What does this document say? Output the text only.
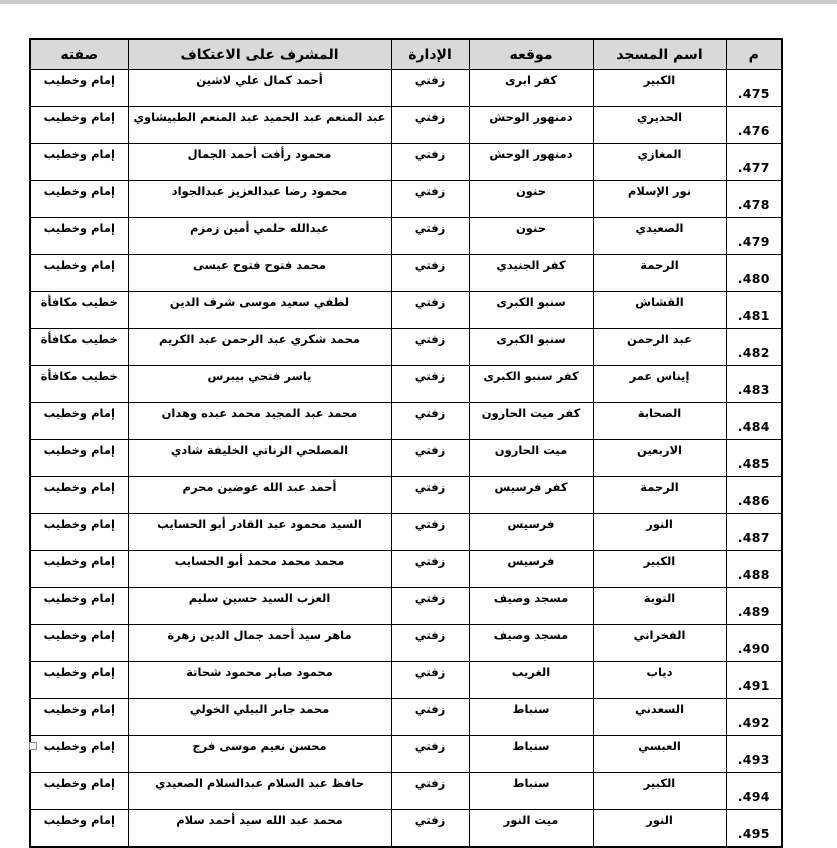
م	اسم المسجد	موقعه	الإدارة	المشرف على الاعتكاف	صفته
.475	الكبير	كفر ابرى	زفتي	أحمد كمال علي لاشين	إمام وخطيب
.476	الحديري	دمنهور الوحش	زفتي	عبد المنعم عبد الحميد عبد المنعم الطبيشاوي	إمام وخطيب
.477	المغازي	دمنهور الوحش	زفتي	محمود رأفت أحمد الجمال	إمام وخطيب
.478	نور الإسلام	حنون	زفتي	محمود رضا عبدالعزيز عبدالجواد	إمام وخطيب
.479	الصعيدي	حنون	زفتي	عبدالله حلمي أمين زمزم	إمام وخطيب
.480	الرحمة	كفر الجنيدي	زفتي	محمد فتوح فتوح عيسى	إمام وخطيب
.481	القشاش	سنبو الكبرى	زفتي	لطفي سعيد موسى شرف الدين	خطيب مكافأة
.482	عبد الرحمن	سنبو الكبرى	زفتي	محمد شكري عبد الرحمن عبد الكريم	خطيب مكافأة
.483	إيناس عمر	كفر سنبو الكبرى	زفتي	ياسر فتحي بيبرس	خطيب مكافأة
.484	الصحابة	كفر ميت الحارون	زفتي	محمد عبد المجيد محمد عبده وهدان	إمام وخطيب
.485	الاربعين	ميت الحارون	زفتي	المصلحي الزناتي الخليفة شادي	إمام وخطيب
.486	الرحمة	كفر فرسيس	زفتي	أحمد عبد الله عوضين محرم	إمام وخطيب
.487	النور	فرسيس	زفتي	السيد محمود عبد القادر أبو الحسايب	إمام وخطيب
.488	الكبير	فرسيس	زفتي	محمد محمد محمد أبو الحسايب	إمام وخطيب
.489	التوبة	مسجد وصيف	زفتي	العزب السيد حسين سليم	إمام وخطيب
.490	الفخراني	مسجد وصيف	زفتي	ماهر سيد أحمد جمال الدين زهرة	إمام وخطيب
.491	دياب	الغريب	زفتي	محمود صابر محمود شحاتة	إمام وخطيب
.492	السعدني	سنباط	زفتي	محمد جابر البيلي الخولي	إمام وخطيب
.493	العبسي	سنباط	زفتي	محسن نعيم موسى فرج	إمام وخطيب
.494	الكبير	سنباط	زفتي	حافظ عبد السلام عبدالسلام الصعيدي	إمام وخطيب
.495	النور	ميت النور	زفتي	محمد عبد الله سيد أحمد سلام	إمام وخطيب
